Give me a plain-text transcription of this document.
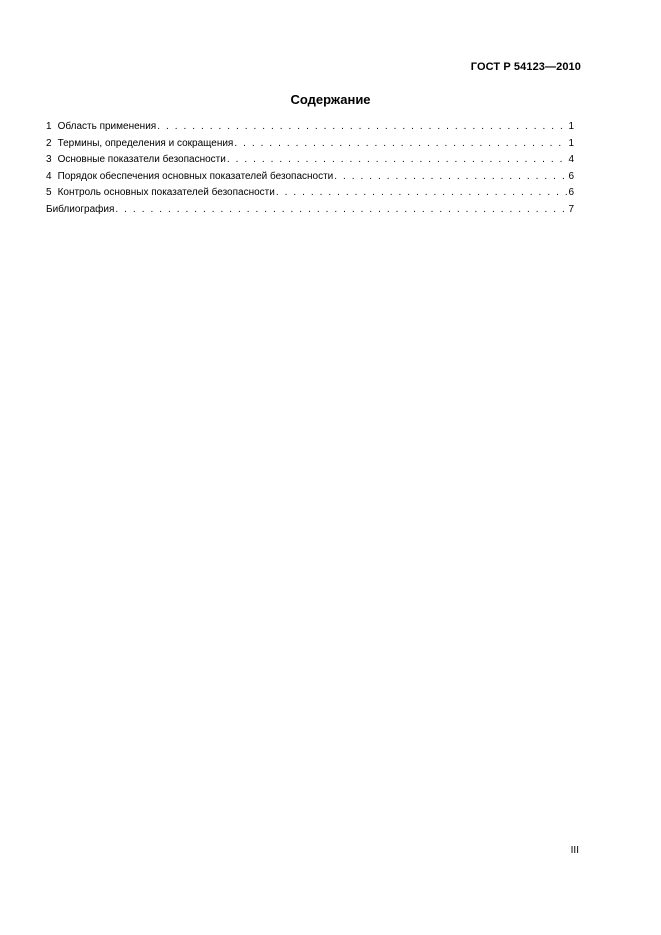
ГОСТ Р 54123—2010
Содержание
1 Область применения . . .	1
2 Термины, определения и сокращения . . .	1
3 Основные показатели безопасности . . .	4
4 Порядок обеспечения основных показателей безопасности . . .	6
5 Контроль основных показателей безопасности . . .	6
Библиография . . .	7
III
